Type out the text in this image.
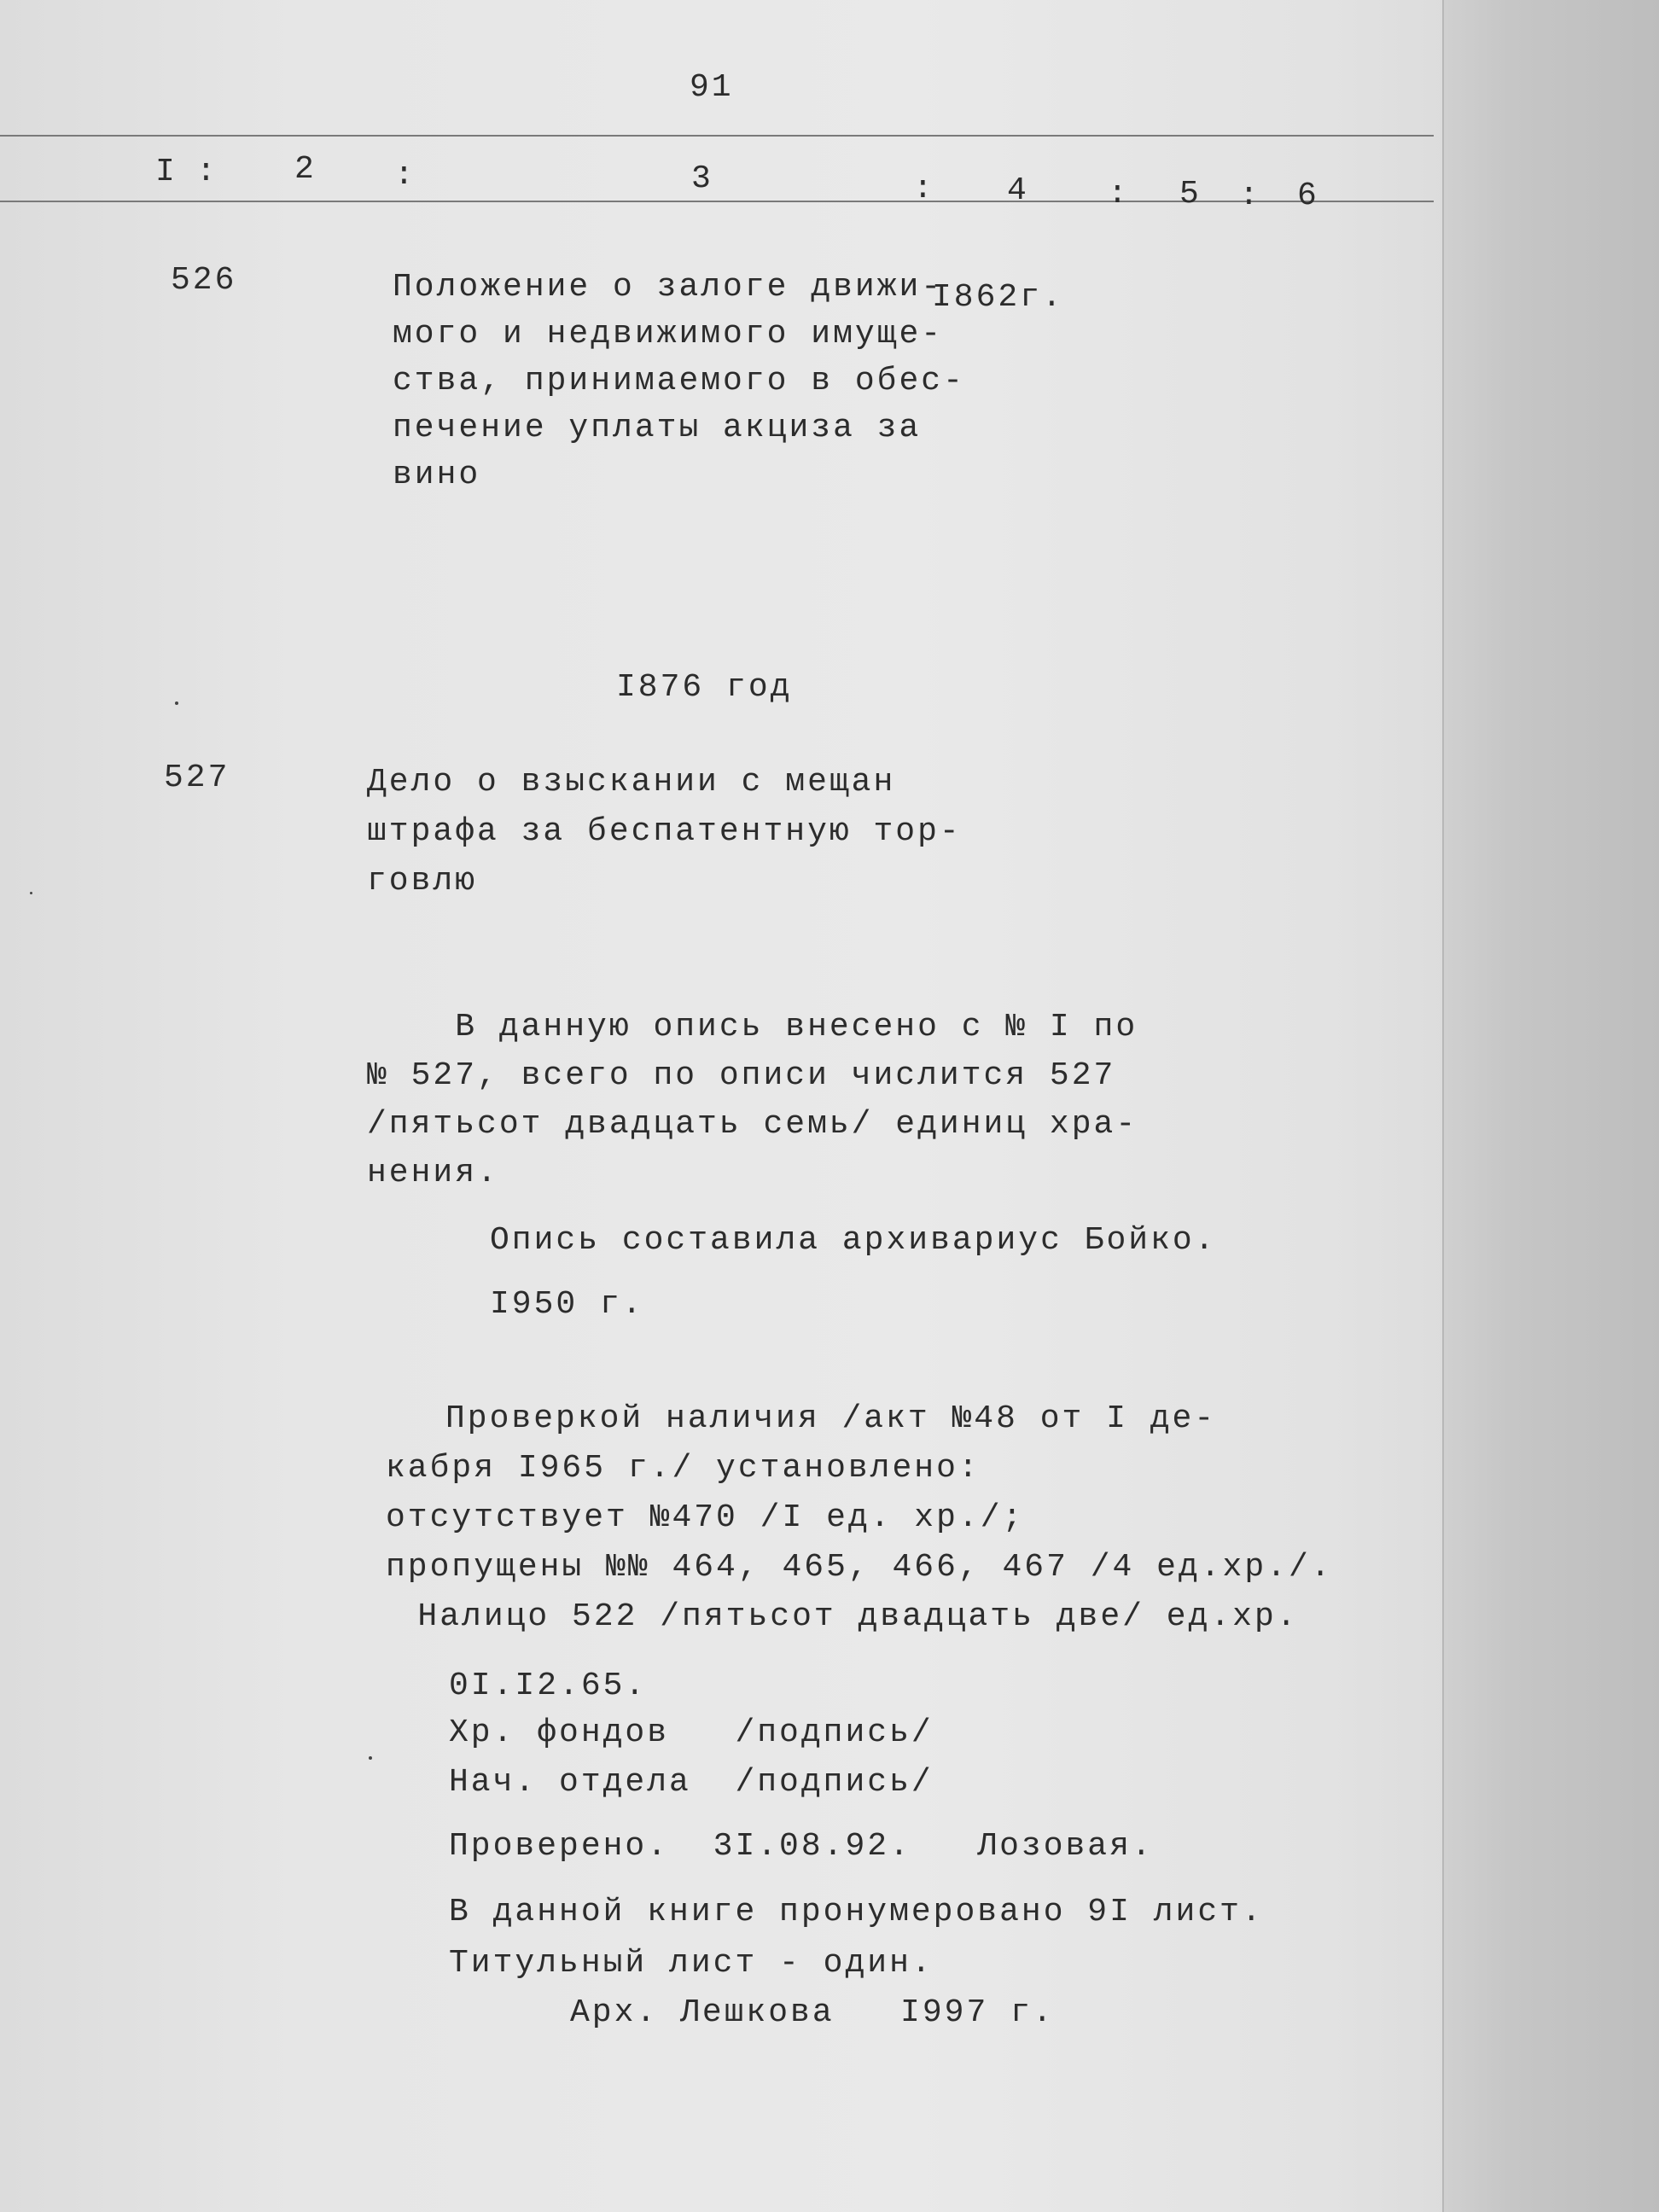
91
I : 2 :	3	: 4 : 5 : 6
526	Положение о залоге движи-
мого и недвижимого имуще-
ства, принимаемого в обес-
печение уплаты акциза за
вино
I862г.
I876 год
527	Дело о взыскании с мещан
штрафа за беспатентную тор-
говлю
В данную опись внесено с № I по
№ 527, всего по описи числится 527
/пятьсот двадцать семь/ единиц хра-
нения.
Опись составила архивариус Бойко.
I950 г.
Проверкой наличия /акт №48 от I де-
кабря I965 г./ установлено:
отсутствует №470 /I ед. хр./;
пропущены №№ 464, 465, 466, 467 /4 ед.хр./.
Налицо 522 /пятьсот двадцать две/ ед.хр.
0I.I2.65.
Хр. фондов   /подпись/
Нач. отдела  /подпись/
Проверено.  3I.08.92.   Лозовая.
В данной книге пронумеровано 9I лист.
Титульный лист - один.
Арх. Лешкова   I997 г.
